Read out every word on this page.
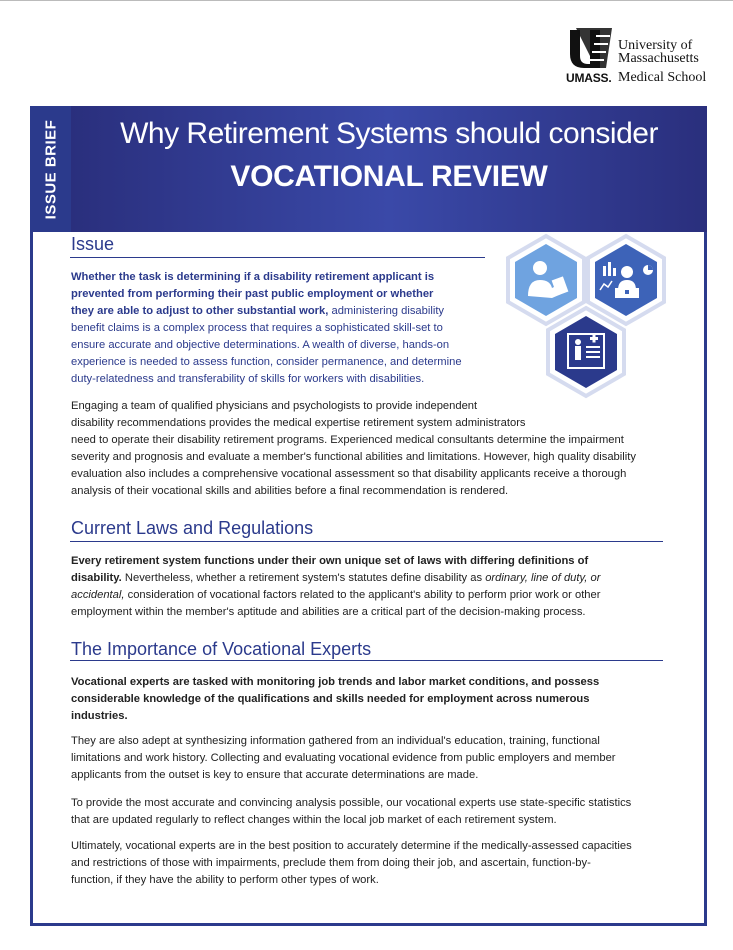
University of
Massachusetts
UMASS. Medical School
ISSUE BRIEF	Why Retirement Systems should consider
VOCATIONAL REVIEW
Issue
Whether the task is determining if a disability retirement applicant is
prevented from performing their past public employment or whether
they are able to adjust to other substantial work, administering disability
benefit claims is a complex process that requires a sophisticated skill-set to
ensure accurate and objective determinations. A wealth of diverse, hands-on
experience is needed to assess function, consider permanence, and determine
duty-relatedness and transferability of skills for workers with disabilities.
Engaging a team of qualified physicians and psychologists to provide independent
disability recommendations provides the medical expertise retirement system administrators
need to operate their disability retirement programs. Experienced medical consultants determine the impairment
severity and prognosis and evaluate a member's functional abilities and limitations. However, high quality disability
evaluation also includes a comprehensive vocational assessment so that disability applicants receive a thorough
analysis of their vocational skills and abilities before a final recommendation is rendered.
Current Laws and Regulations
Every retirement system functions under their own unique set of laws with differing definitions of
disability. Nevertheless, whether a retirement system's statutes define disability as ordinary, line of duty, or
accidental, consideration of vocational factors related to the applicant's ability to perform prior work or other
employment within the member's aptitude and abilities are a critical part of the decision-making process.
The Importance of Vocational Experts
Vocational experts are tasked with monitoring job trends and labor market conditions, and possess
considerable knowledge of the qualifications and skills needed for employment across numerous
industries.
They are also adept at synthesizing information gathered from an individual's education, training, functional
limitations and work history. Collecting and evaluating vocational evidence from public employers and member
applicants from the outset is key to ensure that accurate determinations are made.
To provide the most accurate and convincing analysis possible, our vocational experts use state-specific statistics
that are updated regularly to reflect changes within the local job market of each retirement system.
Ultimately, vocational experts are in the best position to accurately determine if the medically-assessed capacities
and restrictions of those with impairments, preclude them from doing their job, and ascertain, function-by-
function, if they have the ability to perform other types of work.
